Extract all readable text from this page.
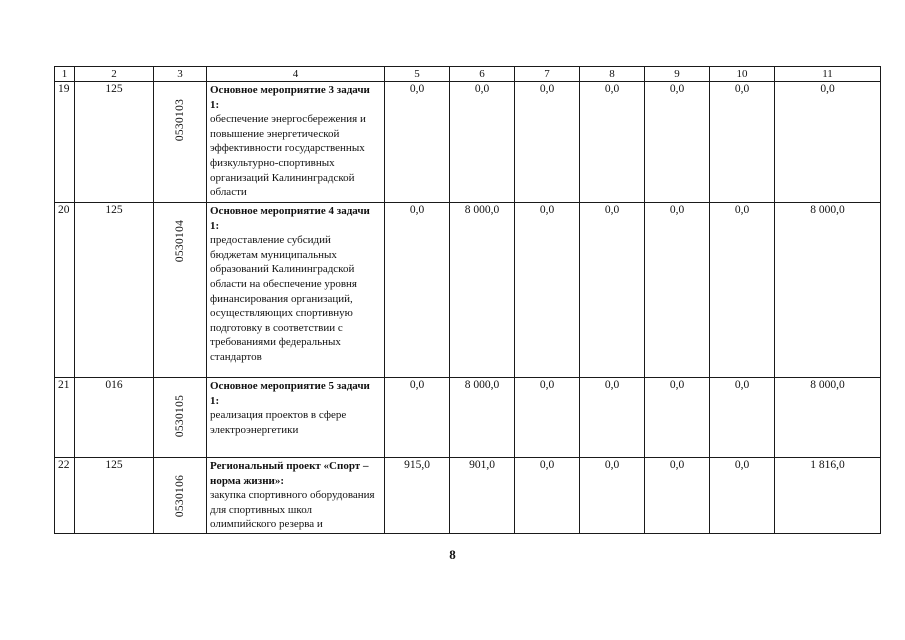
1	2	3	4	5	6	7	8	9	10	11
19	125	0530103	Основное мероприятие 3 задачи 1:
обеспечение энергосбережения и повышение энергетической эффективности государственных физкультурно-спортивных организаций Калининградской области	0,0	0,0	0,0	0,0	0,0	0,0	0,0
20	125	0530104	Основное мероприятие 4 задачи 1:
предоставление субсидий бюджетам муниципальных образований Калининградской области на обеспечение уровня финансирования организаций, осуществляющих спортивную подготовку в соответствии с требованиями федеральных стандартов	0,0	8 000,0	0,0	0,0	0,0	0,0	8 000,0
21	016	0530105	Основное мероприятие 5 задачи 1:
реализация проектов в сфере электроэнергетики	0,0	8 000,0	0,0	0,0	0,0	0,0	8 000,0
22	125	0530106	Региональный проект «Спорт – норма жизни»:
закупка спортивного оборудования для спортивных школ олимпийского резерва и	915,0	901,0	0,0	0,0	0,0	0,0	1 816,0
8
